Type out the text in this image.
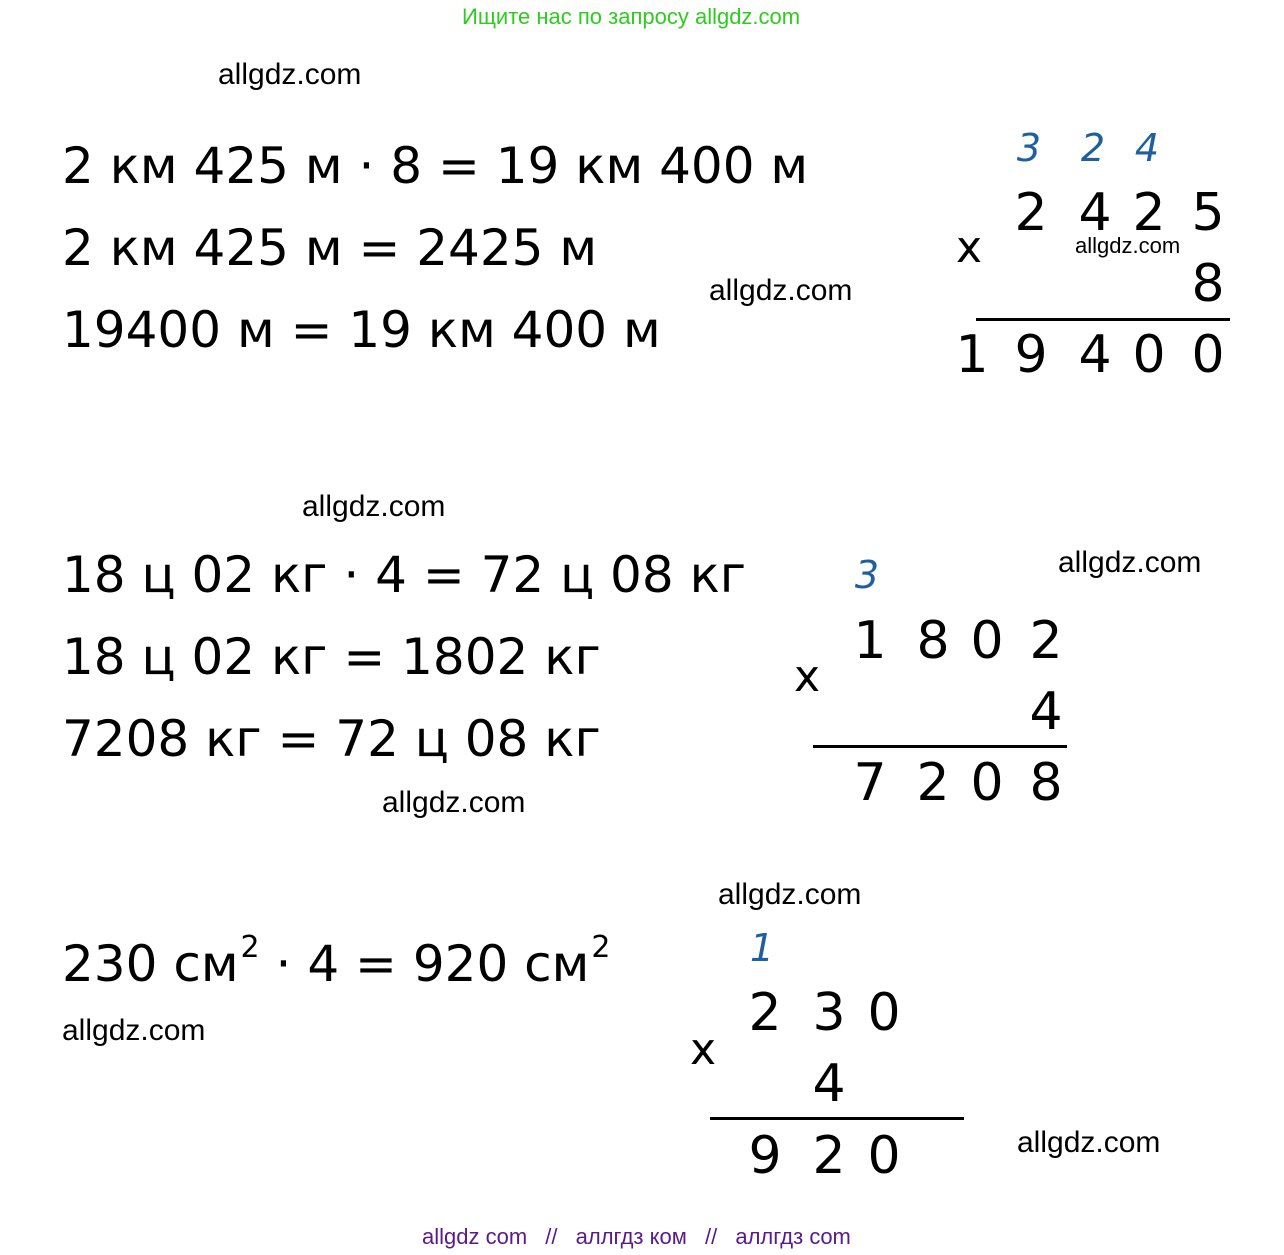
Ищите нас по запросу allgdz.com
allgdz.com
allgdz.com
allgdz.com
allgdz.com
allgdz.com
allgdz.com
allgdz.com
allgdz.com
allgdz.com
2 км 425 м · 8 = 19 км 400 м
2 км 425 м = 2425 м
19400 м = 19 км 400 м
3 2 4
2 4 2 5
x
8
1 9 4 0 0
18 ц 02 кг · 4 = 72 ц 08 кг
18 ц 02 кг = 1802 кг
7208 кг = 72 ц 08 кг
3
1 8 0 2
x
4
7 2 0 8
230 $см^2 \cdot 4 = 920$ $см^2$	1
2 3 0
x
4
9 2 0
allgdz com // аллгдз ком // аллгдз com
